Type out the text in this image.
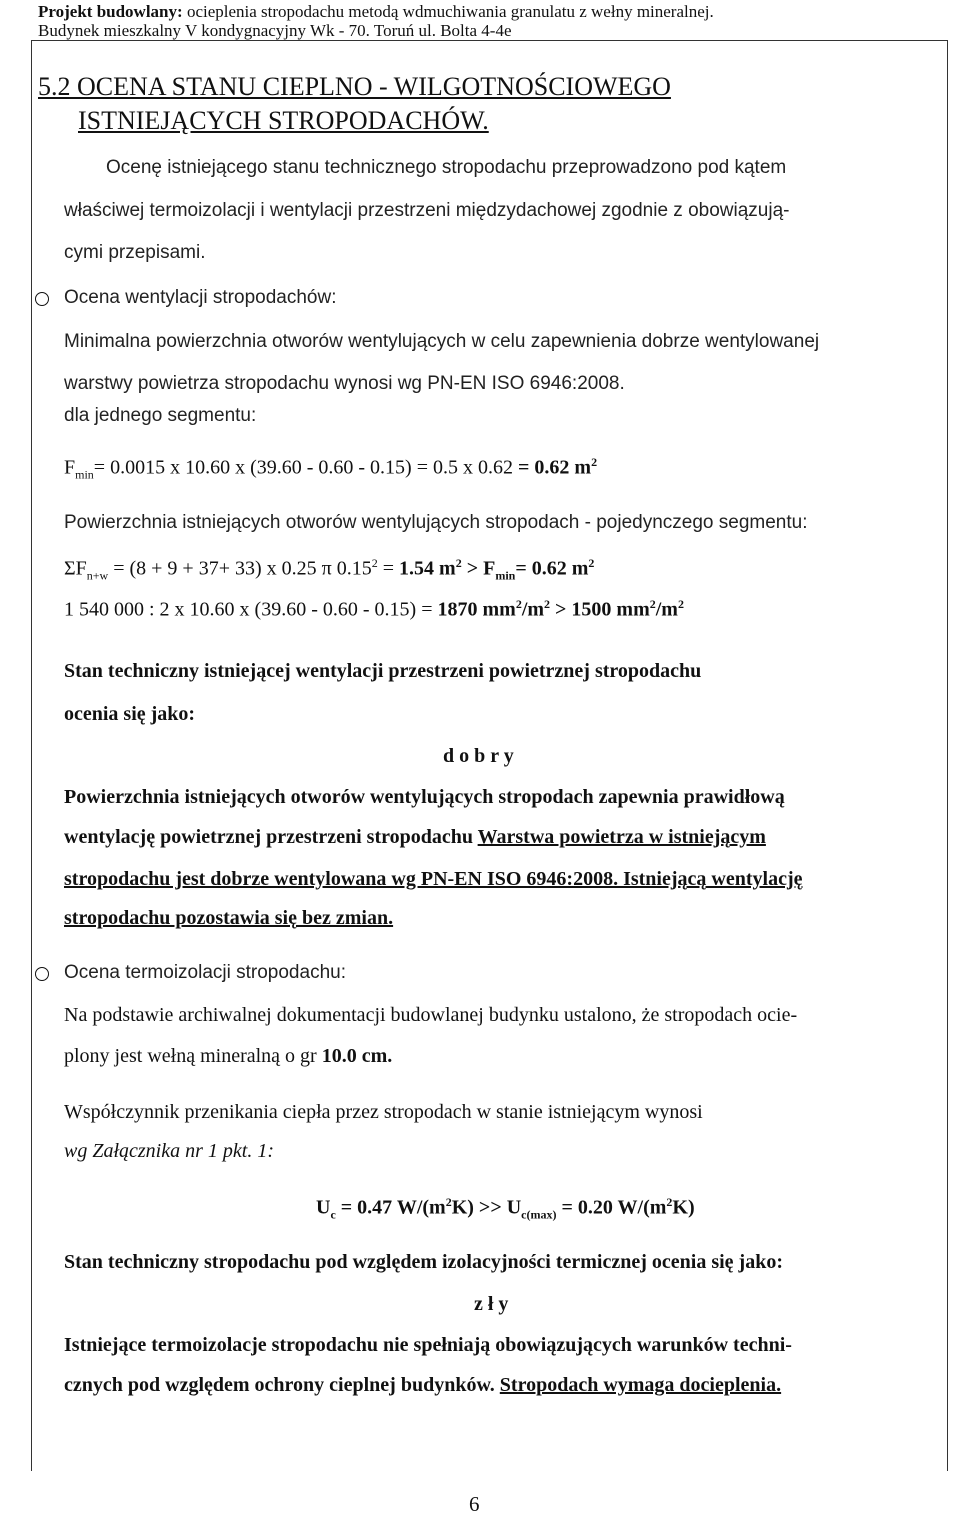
Projekt budowlany: ocieplenia stropodachu metodą wdmuchiwania granulatu z wełny mineralnej.
Budynek mieszkalny V kondygnacyjny Wk - 70. Toruń ul. Bolta 4-4e
5.2 OCENA STANU CIEPLNO - WILGOTNOŚCIOWEGO
ISTNIEJĄCYCH STROPODACHÓW.
Ocenę istniejącego stanu technicznego stropodachu przeprowadzono pod kątem
właściwej termoizolacji i wentylacji przestrzeni międzydachowej zgodnie z obowiązują-
cymi przepisami.
Ocena wentylacji stropodachów:
Minimalna powierzchnia otworów wentylujących w celu zapewnienia dobrze wentylowanej
warstwy powietrza stropodachu wynosi wg PN-EN ISO 6946:2008.
dla jednego segmentu:
$F_{min}= 0.0015$ x 10.60 x (39.60 - 0.60 - 0.15) = 0.5 x 0.62 = 0.62 $m^2$
Powierzchnia istniejących otworów wentylujących stropodach - pojedynczego segmentu:
$\Sigma F_{n+w} = (8 + 9 + 37+ 33)$ x 0.25 π $0.15^2 = 1.54$ $m^2 > F_{min}= 0.62$ $m^2$
1 540 000 : 2 x 10.60 x (39.60 - 0.60 - 0.15) = 1870 $mm^2/m^2 > 1500$ $mm^2/m^2$
Stan techniczny istniejącej wentylacji przestrzeni powietrznej stropodachu
ocenia się jako:
d o b r y
Powierzchnia istniejących otworów wentylujących stropodach zapewnia prawidłową
wentylację powietrznej przestrzeni stropodachu Warstwa powietrza w istniejącym
stropodachu jest dobrze wentylowana wg PN-EN ISO 6946:2008. Istniejącą wentylację
stropodachu pozostawia się bez zmian.
Ocena termoizolacji stropodachu:
Na podstawie archiwalnej dokumentacji budowlanej budynku ustalono, że stropodach ocie-
plony jest wełną mineralną o gr 10.0 cm.
Współczynnik przenikania ciepła przez stropodach w stanie istniejącym wynosi
wg Załącznika nr 1 pkt. 1:
$U_c = 0.47$ $W/(m^2K) >> U_{c(max)} = 0.20$ $W/(m^2K)$
Stan techniczny stropodachu pod względem izolacyjności termicznej ocenia się jako:
z ł y
Istniejące termoizolacje stropodachu nie spełniają obowiązujących warunków techni-
cznych pod względem ochrony cieplnej budynków. Stropodach wymaga docieplenia.
6
